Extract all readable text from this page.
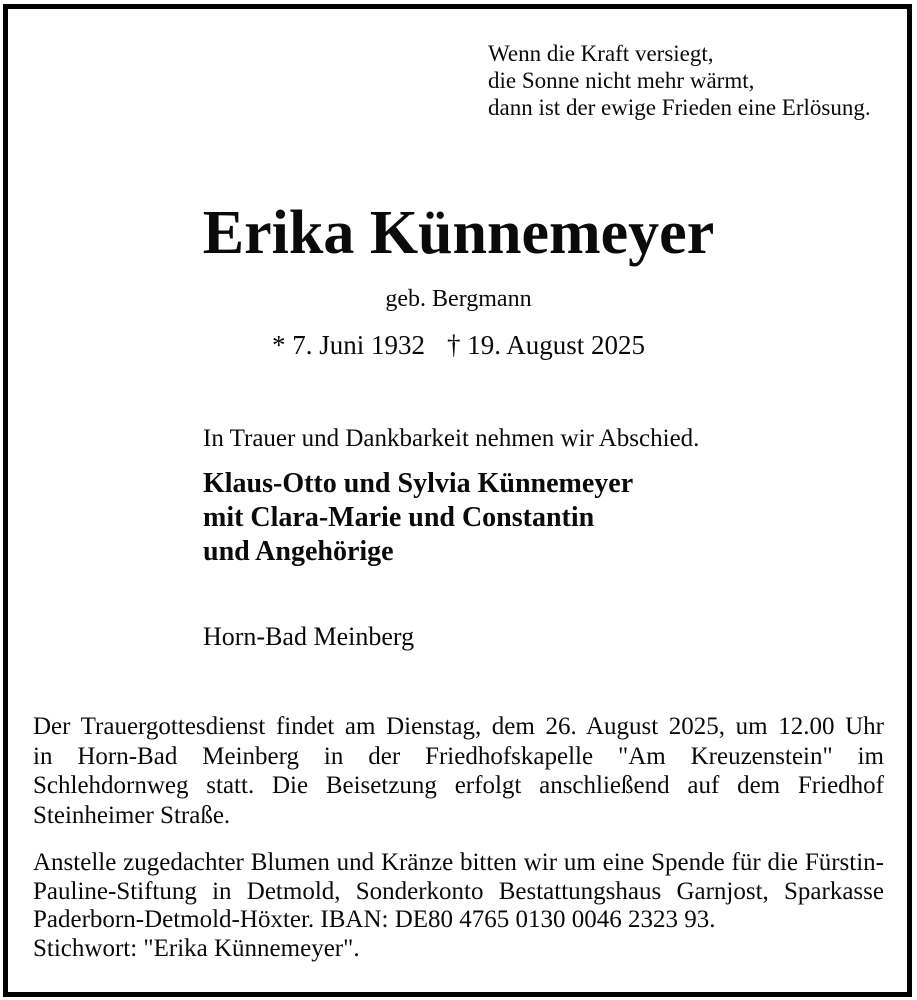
Wenn die Kraft versiegt,
die Sonne nicht mehr wärmt,
dann ist der ewige Frieden eine Erlösung.
Erika Künnemeyer
geb. Bergmann
* 7. Juni 1932 † 19. August 2025
In Trauer und Dankbarkeit nehmen wir Abschied.
Klaus-Otto und Sylvia Künnemeyer
mit Clara-Marie und Constantin
und Angehörige
Horn-Bad Meinberg
Der Trauergottesdienst findet am Dienstag, dem 26. August 2025, um 12.00 Uhr
in Horn-Bad Meinberg in der Friedhofskapelle "Am Kreuzenstein" im
Schlehdornweg statt. Die Beisetzung erfolgt anschließend auf dem Friedhof
Steinheimer Straße.
Anstelle zugedachter Blumen und Kränze bitten wir um eine Spende für die Fürstin-
Pauline-Stiftung in Detmold, Sonderkonto Bestattungshaus Garnjost, Sparkasse
Paderborn-Detmold-Höxter. IBAN: DE80 4765 0130 0046 2323 93.
Stichwort: "Erika Künnemeyer".
